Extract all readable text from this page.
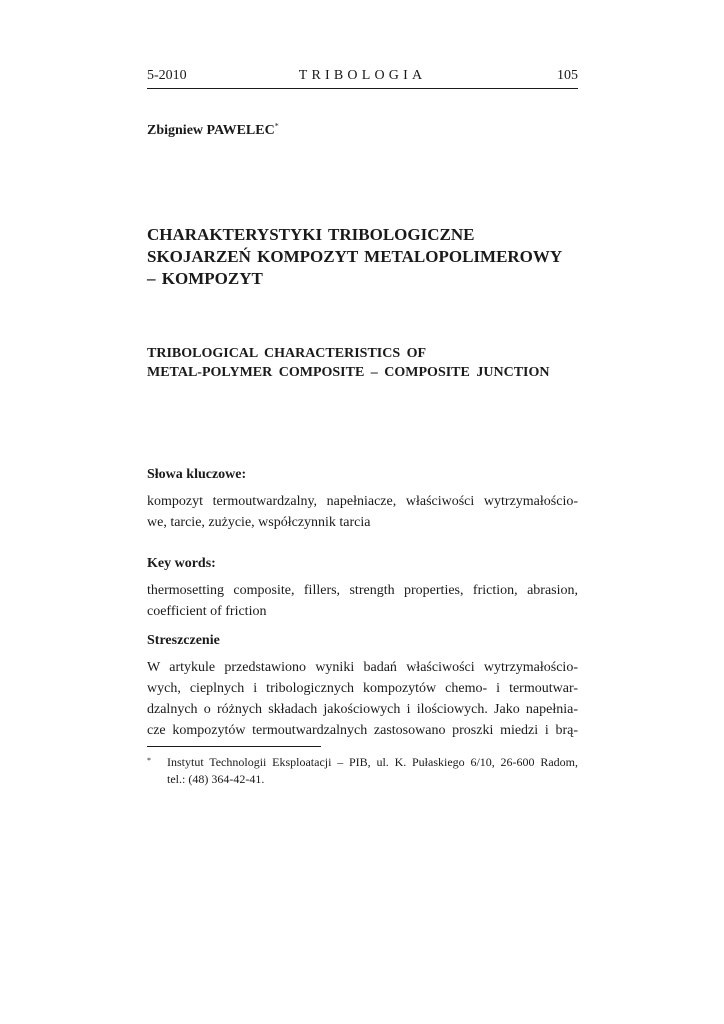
5-2010	TRIBOLOGIA	105
Zbigniew PAWELEC*
CHARAKTERYSTYKI TRIBOLOGICZNE
SKOJARZEŃ KOMPOZYT METALOPOLIMEROWY
– KOMPOZYT
TRIBOLOGICAL CHARACTERISTICS OF
METAL-POLYMER COMPOSITE – COMPOSITE JUNCTION
Słowa kluczowe:
kompozyt termoutwardzalny, napełniacze, właściwości wytrzymałościo-
we, tarcie, zużycie, współczynnik tarcia
Key words:
thermosetting composite, fillers, strength properties, friction, abrasion,
coefficient of friction
Streszczenie
W artykule przedstawiono wyniki badań właściwości wytrzymałościo-
wych, cieplnych i tribologicznych kompozytów chemo- i termoutwar-
dzalnych o różnych składach jakościowych i ilościowych. Jako napełnia-
cze kompozytów termoutwardzalnych zastosowano proszki miedzi i brą-
* Instytut Technologii Eksploatacji – PIB, ul. K. Pułaskiego 6/10, 26-600 Radom,
tel.: (48) 364-42-41.
